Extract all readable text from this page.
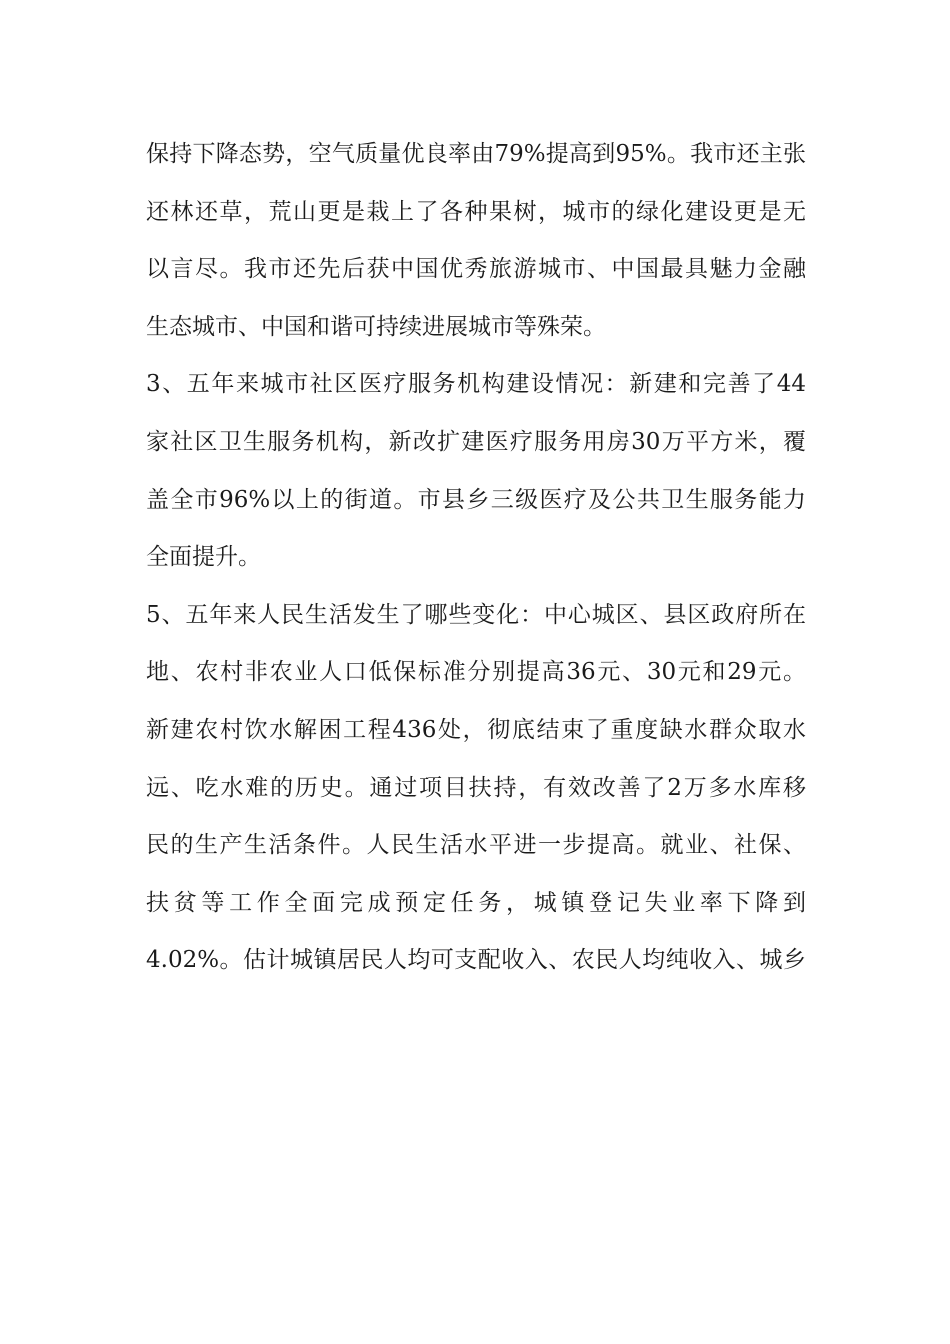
保持下降态势，空气质量优良率由79%提高到95%。我市还主张
还林还草，荒山更是栽上了各种果树，城市的绿化建设更是无
以言尽。我市还先后获中国优秀旅游城市、中国最具魅力金融
生态城市、中国和谐可持续进展城市等殊荣。
3、五年来城市社区医疗服务机构建设情况：新建和完善了44
家社区卫生服务机构，新改扩建医疗服务用房30万平方米，覆
盖全市96%以上的街道。市县乡三级医疗及公共卫生服务能力
全面提升。
5、五年来人民生活发生了哪些变化：中心城区、县区政府所在
地、农村非农业人口低保标准分别提高36元、30元和29元。
新建农村饮水解困工程436处，彻底结束了重度缺水群众取水
远、吃水难的历史。通过项目扶持，有效改善了2万多水库移
民的生产生活条件。人民生活水平进一步提高。就业、社保、
扶贫等工作全面完成预定任务，城镇登记失业率下降到
4.02%。估计城镇居民人均可支配收入、农民人均纯收入、城乡
